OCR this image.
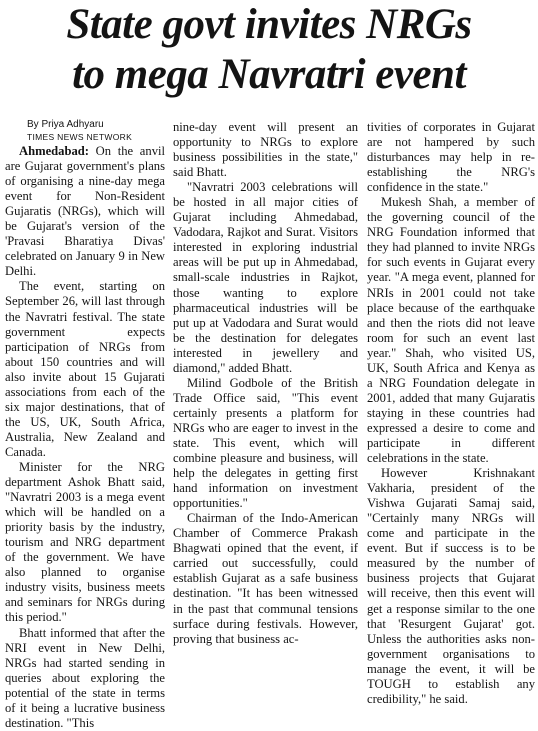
State govt invites NRGs
to mega Navratri event
By Priya Adhyaru
TIMES NEWS NETWORK

Ahmedabad: On the anvil are Gujarat government's plans of organising a nine-day mega event for Non-Resident Gujaratis (NRGs), which will be Gujarat's version of the 'Pravasi Bharatiya Divas' celebrated on January 9 in New Delhi.

The event, starting on September 26, will last through the Navratri festival. The state government expects participation of NRGs from about 150 countries and will also invite about 15 Gujarati associations from each of the six major destinations, that of the US, UK, South Africa, Australia, New Zealand and Canada.

Minister for the NRG department Ashok Bhatt said, "Navratri 2003 is a mega event which will be handled on a priority basis by the industry, tourism and NRG department of the government. We have also planned to organise industry visits, business meets and seminars for NRGs during this period."

Bhatt informed that after the NRI event in New Delhi, NRGs had started sending in queries about exploring the potential of the state in terms of it being a lucrative business destination. "This

nine-day event will present an opportunity to NRGs to explore business possibilities in the state," said Bhatt.

"Navratri 2003 celebrations will be hosted in all major cities of Gujarat including Ahmedabad, Vadodara, Rajkot and Surat. Visitors interested in exploring industrial areas will be put up in Ahmedabad, small-scale industries in Rajkot, those wanting to explore pharmaceutical industries will be put up at Vadodara and Surat would be the destination for delegates interested in jewellery and diamond," added Bhatt.

Milind Godbole of the British Trade Office said, "This event certainly presents a platform for NRGs who are eager to invest in the state. This event, which will combine pleasure and business, will help the delegates in getting first hand information on investment opportunities."

Chairman of the Indo-American Chamber of Commerce Prakash Bhagwati opined that the event, if carried out successfully, could establish Gujarat as a safe business destination. "It has been witnessed in the past that communal tensions surface during festivals. However, proving that business ac-

tivities of corporates in Gujarat are not hampered by such disturbances may help in re-establishing the NRG's confidence in the state."

Mukesh Shah, a member of the governing council of the NRG Foundation informed that they had planned to invite NRGs for such events in Gujarat every year. "A mega event, planned for NRIs in 2001 could not take place because of the earthquake and then the riots did not leave room for such an event last year." Shah, who visited US, UK, South Africa and Kenya as a NRG Foundation delegate in 2001, added that many Gujaratis staying in these countries had expressed a desire to come and participate in different celebrations in the state.

However Krishnakant Vakharia, president of the Vishwa Gujarati Samaj said, "Certainly many NRGs will come and participate in the event. But if success is to be measured by the number of business projects that Gujarat will receive, then this event will get a response similar to the one that 'Resurgent Gujarat' got. Unless the authorities asks non-government organisations to manage the event, it will be TOUGH to establish any credibility," he said.
